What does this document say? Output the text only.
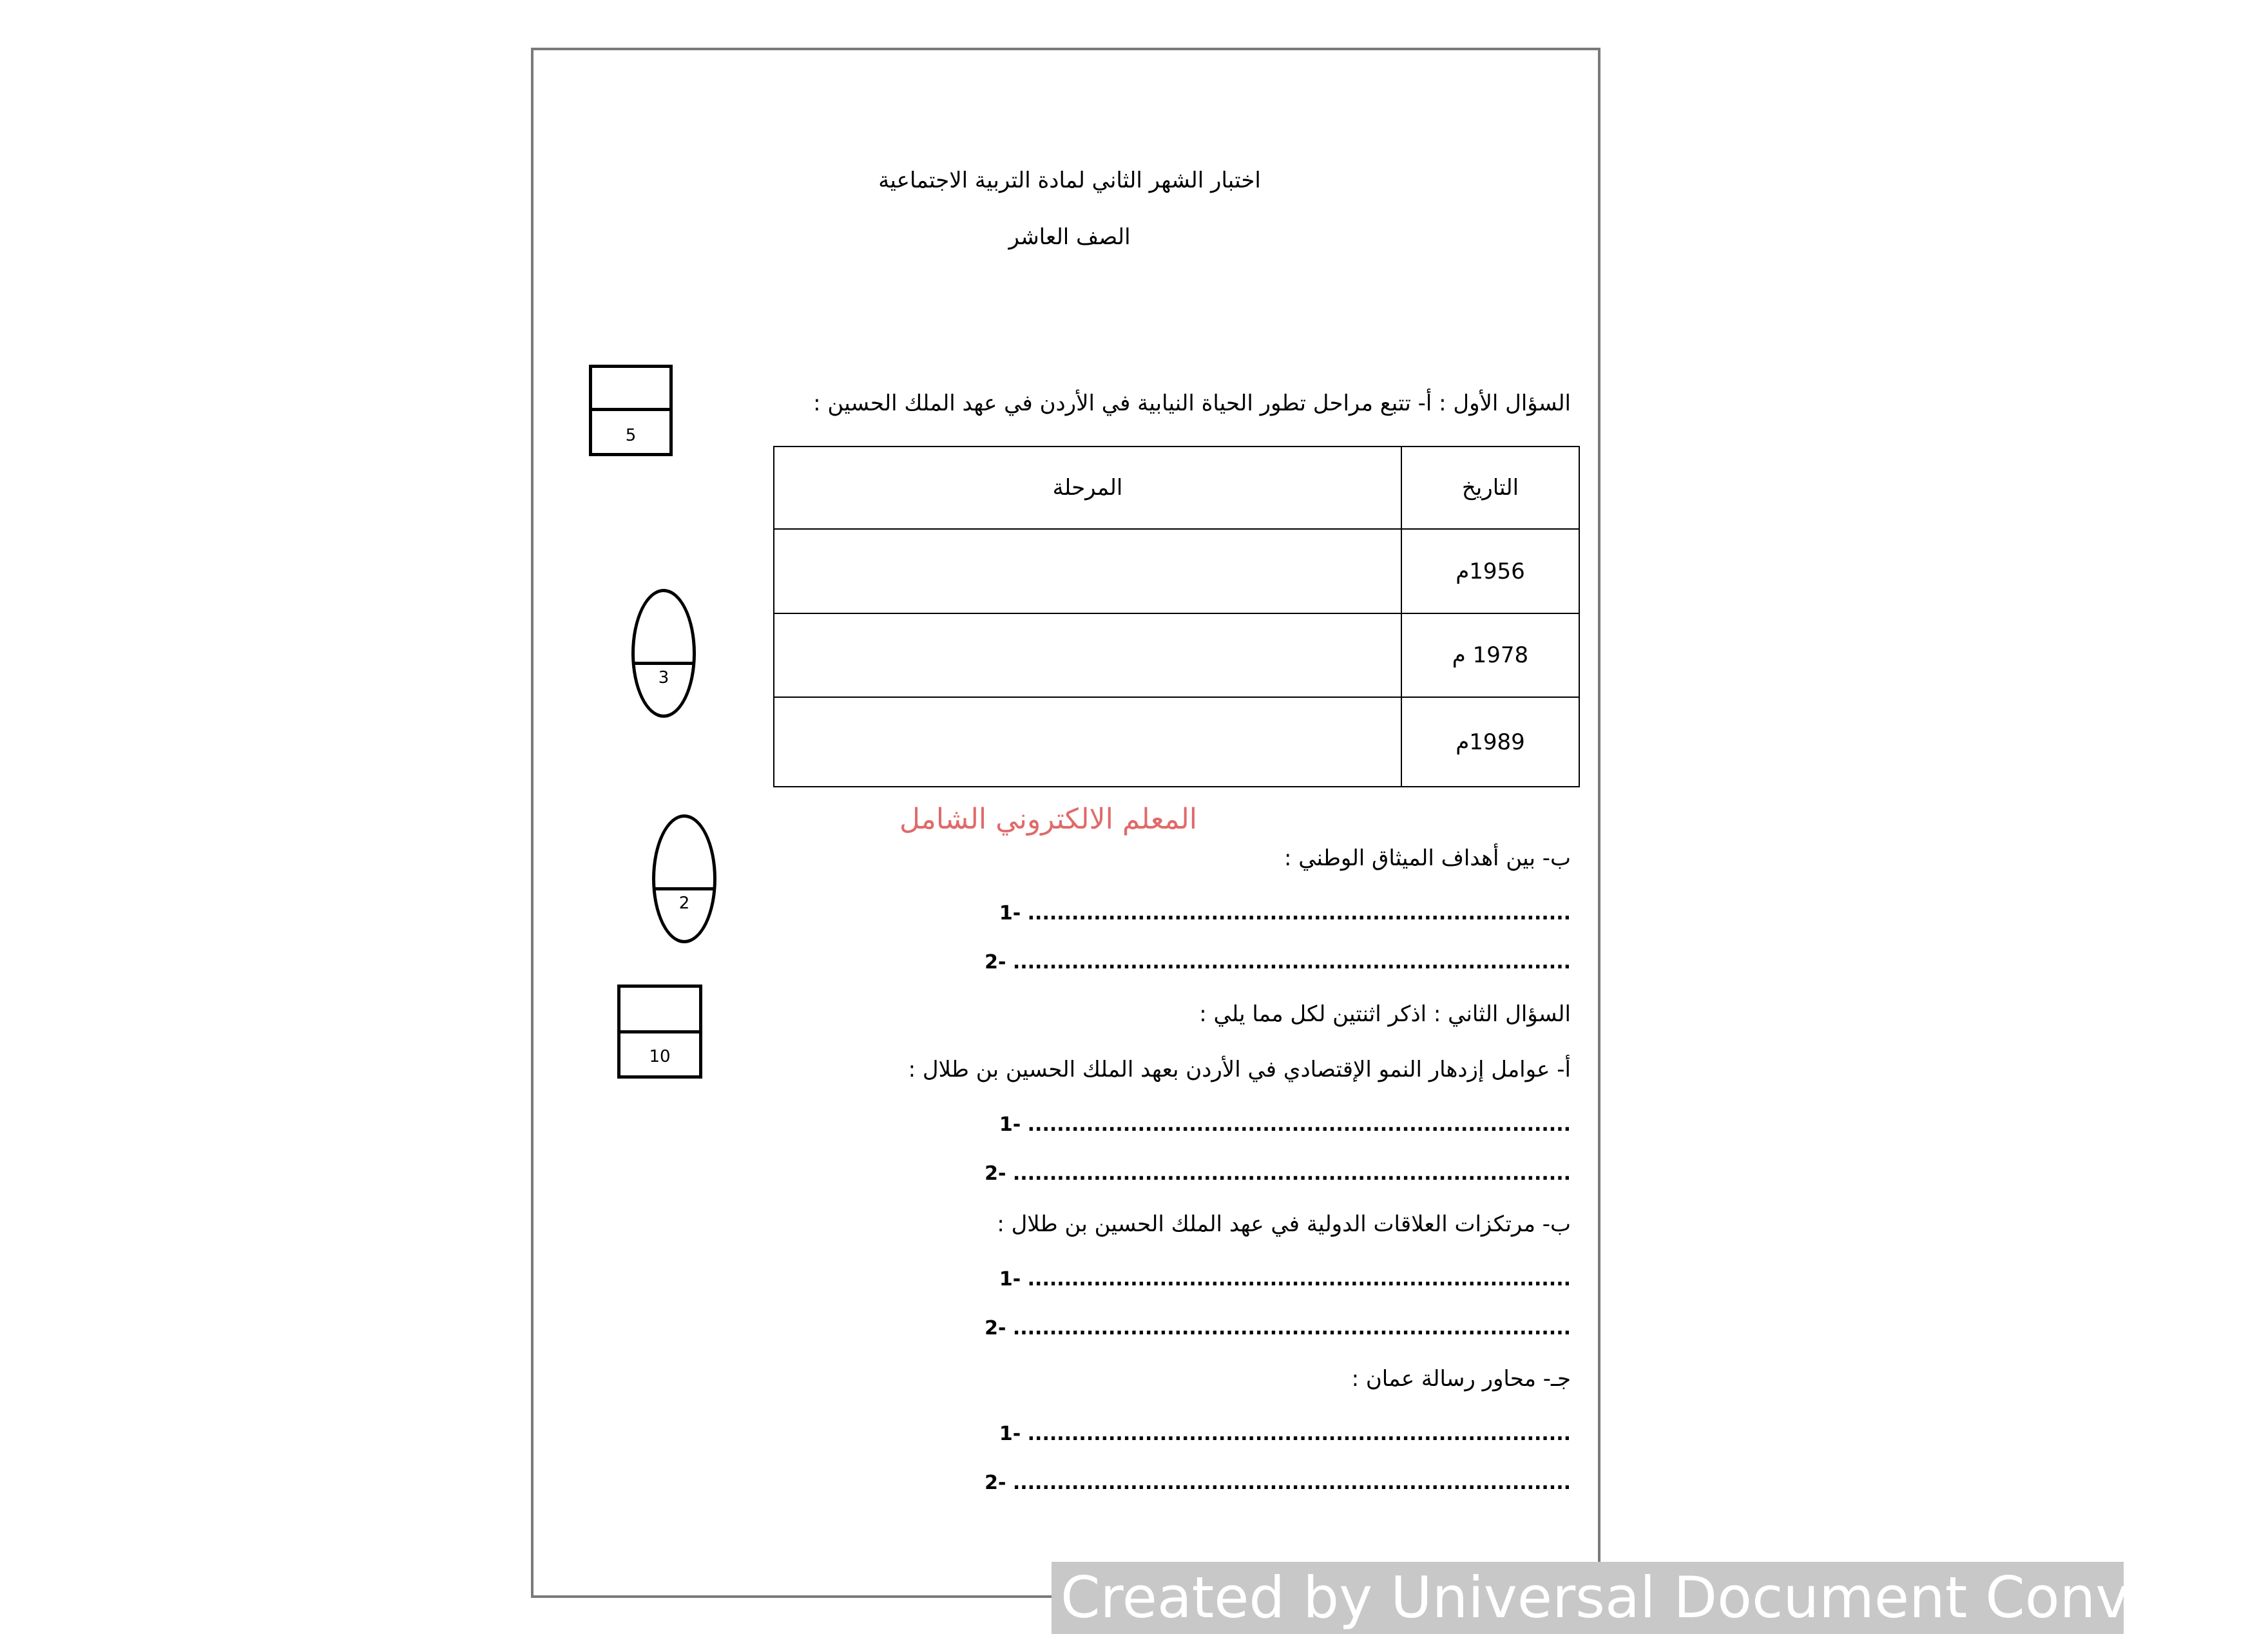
اختبار الشهر الثاني لمادة التربية الاجتماعية
الصف العاشر
السؤال الأول : أ- تتبع مراحل تطور الحياة النيابية في الأردن في عهد الملك الحسين :
التاريخ	المرحلة
1956م	
1978 م	
1989م	
المعلم الالكتروني الشامل
ب- بين أهداف الميثاق الوطني :
1- ..........................................................................
2- ............................................................................
السؤال الثاني : اذكر اثنتين لكل مما يلي :
أ- عوامل إزدهار النمو الإقتصادي في الأردن بعهد الملك الحسين بن طلال :
1- ..........................................................................
2- ............................................................................
ب- مرتكزات العلاقات الدولية في عهد الملك الحسين بن طلال :
1- ..........................................................................
2- ............................................................................
جـ- محاور رسالة عمان :
1- ..........................................................................
2- ............................................................................
5
3
2
10
Created by Universal Document Converter
